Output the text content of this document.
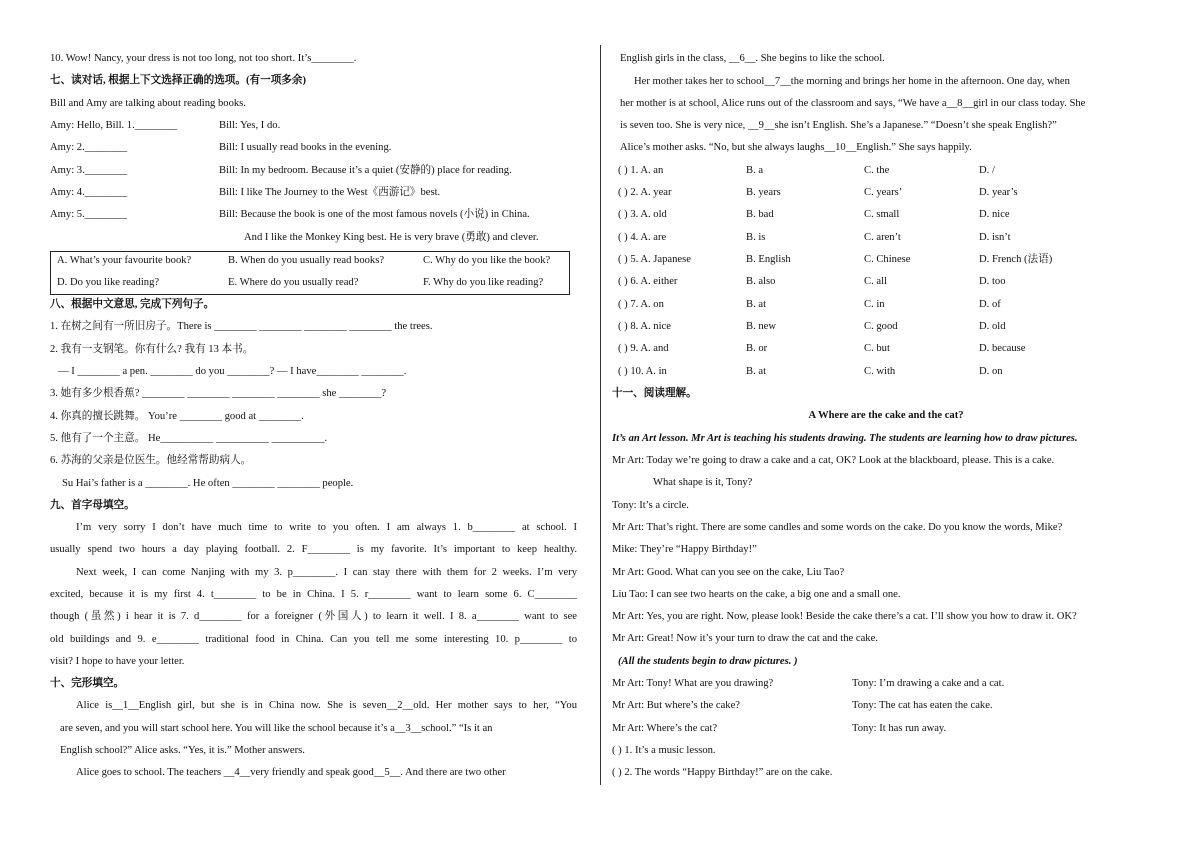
10. Wow! Nancy, your dress is not too long, not too short. It’s________.
七、读对话, 根据上下文选择正确的选项。(有一项多余)
Bill and Amy are talking about reading books.
Amy: Hello, Bill. 1.________	Bill: Yes, I do.
Amy: 2.________	Bill: I usually read books in the evening.
Amy: 3.________	Bill: In my bedroom. Because it’s a quiet (安静的) place for reading.
Amy: 4.________	Bill: I like The Journey to the West《西游记》best.
Amy: 5.________	Bill: Because the book is one of the most famous novels (小说) in China.
And I like the Monkey King best. He is very brave (勇敢) and clever.
A. What’s your favourite book?	B. When do you usually read books?	C. Why do you like the book?
D. Do you like reading?	E. Where do you usually read?	F. Why do you like reading?
八、根据中文意思, 完成下列句子。
1. 在树之间有一所旧房子。There is ________ ________ ________ ________ the trees.
2. 我有一支钢笔。你有什么? 我有 13 本书。
— I ________ a pen. ________ do you ________? — I have________ ________.
3. 她有多少根香蕉? ________ ________ ________ ________ she ________?
4. 你真的擅长跳舞。 You’re ________ good at ________.
5. 他有了一个主意。 He__________ __________ __________.
6. 苏海的父亲是位医生。他经常帮助病人。
Su Hai’s father is a ________. He often ________ ________ people.
九、首字母填空。
I’m very sorry I don’t have much time to write to you often. I am always 1. b________ at school. I
usually spend two hours a day playing football. 2. F________ is my favorite. It’s important to keep healthy.
Next week, I can come Nanjing with my 3. p________. I can stay there with them for 2 weeks. I’m very
excited, because it is my first 4. t________ to be in China. I 5. r________ want to learn some 6. C________
though (虽然) i hear it is 7. d________ for a foreigner (外国人) to learn it well. I 8. a________ want to see
old buildings and 9. e________ traditional food in China. Can you tell me some interesting 10. p________ to
visit? I hope to have your letter.
十、完形填空。
Alice is__1__English girl, but she is in China now. She is seven__2__old. Her mother says to her, “You
are seven, and you will start school here. You will like the school because it’s a__3__school.” “Is it an
English school?” Alice asks. “Yes, it is.” Mother answers.
Alice goes to school. The teachers __4__very friendly and speak good__5__. And there are two other
English girls in the class, __6__. She begins to like the school.
Her mother takes her to school__7__the morning and brings her home in the afternoon. One day, when
her mother is at school, Alice runs out of the classroom and says, “We have a__8__girl in our class today. She
is seven too. She is very nice, __9__she isn’t English. She’s a Japanese.” “Doesn’t she speak English?”
Alice’s mother asks. “No, but she always laughs__10__English.” She says happily.
( ) 1. A. an	B. a	C. the	D. /
( ) 2. A. year	B. years	C. years’	D. year’s
( ) 3. A. old	B. bad	C. small	D. nice
( ) 4. A. are	B. is	C. aren’t	D. isn’t
( ) 5. A. Japanese	B. English	C. Chinese	D. French (法语)
( ) 6. A. either	B. also	C. all	D. too
( ) 7. A. on	B. at	C. in	D. of
( ) 8. A. nice	B. new	C. good	D. old
( ) 9. A. and	B. or	C. but	D. because
( ) 10. A. in	B. at	C. with	D. on
十一、阅读理解。
A Where are the cake and the cat?
It’s an Art lesson. Mr Art is teaching his students drawing. The students are learning how to draw pictures.
Mr Art: Today we’re going to draw a cake and a cat, OK? Look at the blackboard, please. This is a cake.
What shape is it, Tony?
Tony: It’s a circle.
Mr Art: That’s right. There are some candles and some words on the cake. Do you know the words, Mike?
Mike: They’re “Happy Birthday!”
Mr Art: Good. What can you see on the cake, Liu Tao?
Liu Tao: I can see two hearts on the cake, a big one and a small one.
Mr Art: Yes, you are right. Now, please look! Beside the cake there’s a cat. I’ll show you how to draw it. OK?
Mr Art: Great! Now it’s your turn to draw the cat and the cake.
(All the students begin to draw pictures. )
Mr Art: Tony! What are you drawing?	Tony: I’m drawing a cake and a cat.
Mr Art: But where’s the cake?	Tony: The cat has eaten the cake.
Mr Art: Where’s the cat?	Tony: It has run away.
( ) 1. It’s a music lesson.
( ) 2. The words “Happy Birthday!” are on the cake.
